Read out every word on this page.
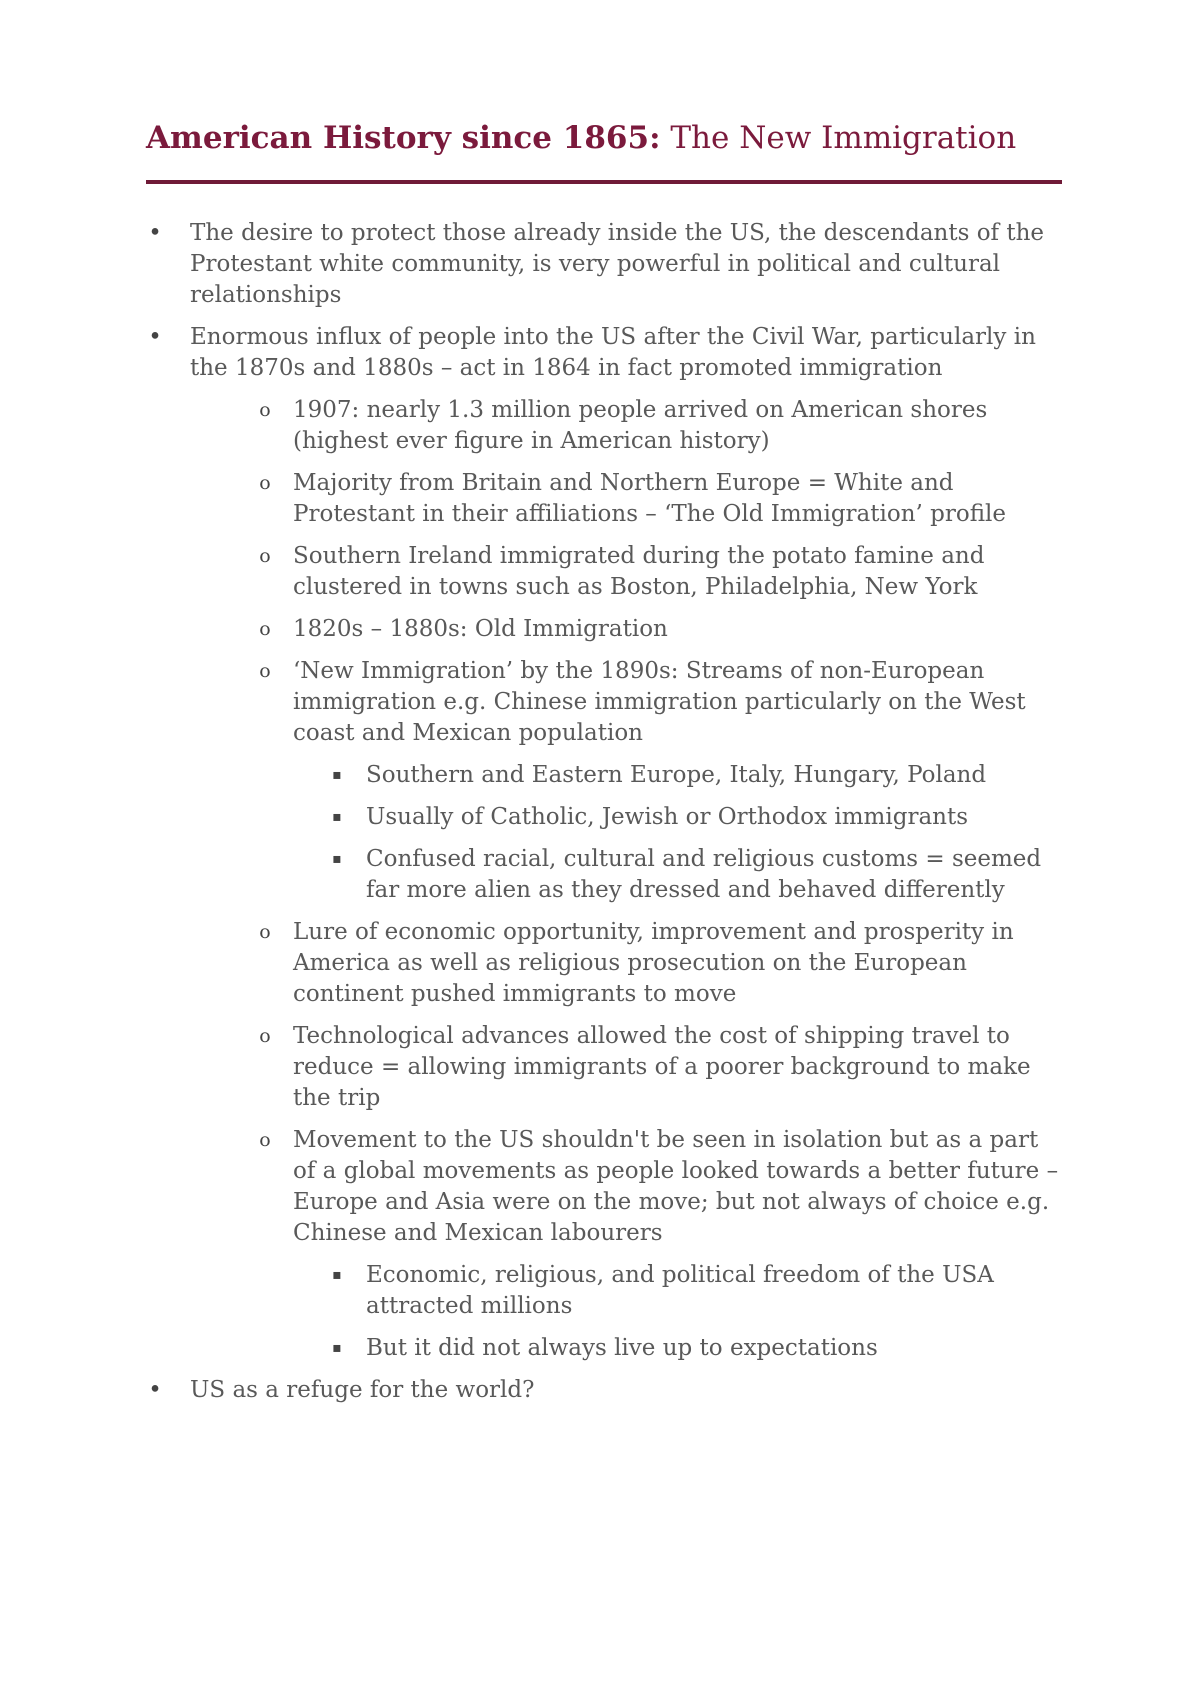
American History since 1865: The New Immigration
• The desire to protect those already inside the US, the descendants of the Protestant white community, is very powerful in political and cultural relationships
• Enormous influx of people into the US after the Civil War, particularly in the 1870s and 1880s – act in 1864 in fact promoted immigration
o 1907: nearly 1.3 million people arrived on American shores (highest ever figure in American history)
o Majority from Britain and Northern Europe = White and Protestant in their affiliations – ‘The Old Immigration’ profile
o Southern Ireland immigrated during the potato famine and clustered in towns such as Boston, Philadelphia, New York
o 1820s – 1880s: Old Immigration
o ‘New Immigration’ by the 1890s: Streams of non-European immigration e.g. Chinese immigration particularly on the West coast and Mexican population
▪ Southern and Eastern Europe, Italy, Hungary, Poland
▪ Usually of Catholic, Jewish or Orthodox immigrants
▪ Confused racial, cultural and religious customs = seemed far more alien as they dressed and behaved differently
o Lure of economic opportunity, improvement and prosperity in America as well as religious prosecution on the European continent pushed immigrants to move
o Technological advances allowed the cost of shipping travel to reduce = allowing immigrants of a poorer background to make the trip
o Movement to the US shouldn't be seen in isolation but as a part of a global movements as people looked towards a better future – Europe and Asia were on the move; but not always of choice e.g. Chinese and Mexican labourers
▪ Economic, religious, and political freedom of the USA attracted millions
▪ But it did not always live up to expectations
• US as a refuge for the world?
